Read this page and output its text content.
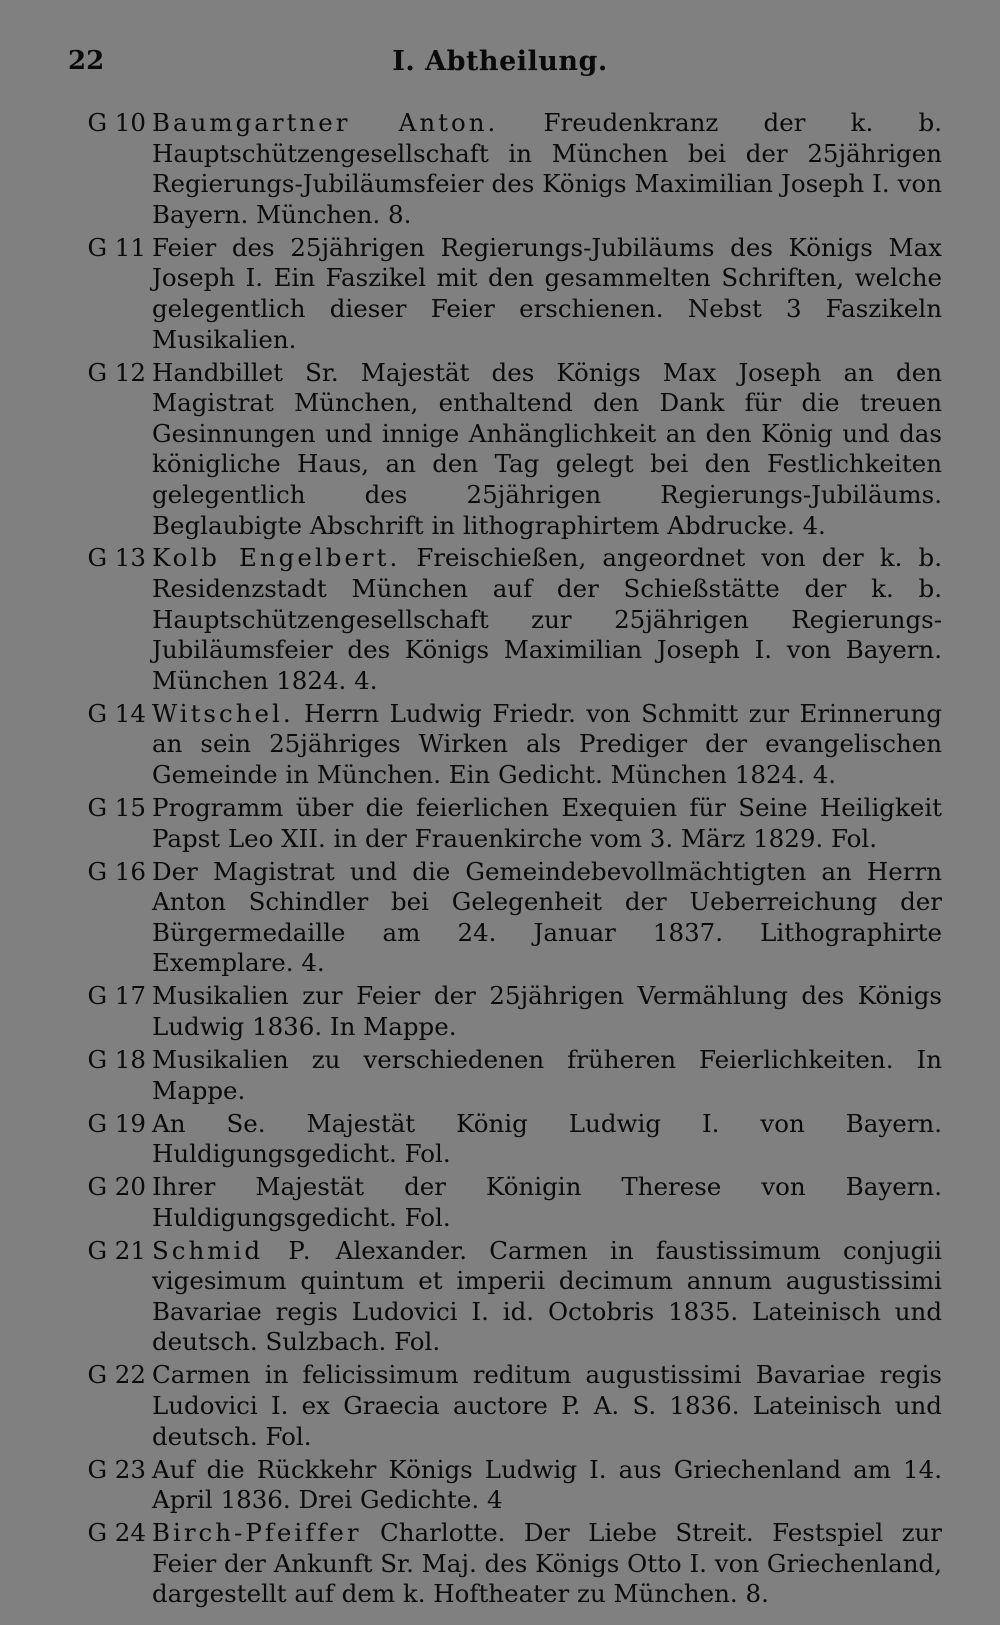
22	I. Abtheilung.
G 10 Baumgartner Anton. Freudenkranz der k. b. Hauptschützengesellschaft in München bei der 25jährigen Regierungs-Jubiläumsfeier des Königs Maximilian Joseph I. von Bayern. München. 8.
G 11 Feier des 25jährigen Regierungs-Jubiläums des Königs Max Joseph I. Ein Faszikel mit den gesammelten Schriften, welche gelegentlich dieser Feier erschienen. Nebst 3 Faszikeln Musikalien.
G 12 Handbillet Sr. Majestät des Königs Max Joseph an den Magistrat München, enthaltend den Dank für die treuen Gesinnungen und innige Anhänglichkeit an den König und das königliche Haus, an den Tag gelegt bei den Festlichkeiten gelegentlich des 25jährigen Regierungs-Jubiläums. Beglaubigte Abschrift in lithographirtem Abdrucke. 4.
G 13 Kolb Engelbert. Freischießen, angeordnet von der k. b. Residenzstadt München auf der Schießstätte der k. b. Hauptschützengesellschaft zur 25jährigen Regierungs-Jubiläumsfeier des Königs Maximilian Joseph I. von Bayern. München 1824. 4.
G 14 Witschel. Herrn Ludwig Friedr. von Schmitt zur Erinnerung an sein 25jähriges Wirken als Prediger der evangelischen Gemeinde in München. Ein Gedicht. München 1824. 4.
G 15 Programm über die feierlichen Exequien für Seine Heiligkeit Papst Leo XII. in der Frauenkirche vom 3. März 1829. Fol.
G 16 Der Magistrat und die Gemeindebevollmächtigten an Herrn Anton Schindler bei Gelegenheit der Ueberreichung der Bürgermedaille am 24. Januar 1837. Lithographirte Exemplare. 4.
G 17 Musikalien zur Feier der 25jährigen Vermählung des Königs Ludwig 1836. In Mappe.
G 18 Musikalien zu verschiedenen früheren Feierlichkeiten. In Mappe.
G 19 An Se. Majestät König Ludwig I. von Bayern. Huldigungsgedicht. Fol.
G 20 Ihrer Majestät der Königin Therese von Bayern. Huldigungsgedicht. Fol.
G 21 Schmid P. Alexander. Carmen in faustissimum conjugii vigesimum quintum et imperii decimum annum augustissimi Bavariae regis Ludovici I. id. Octobris 1835. Lateinisch und deutsch. Sulzbach. Fol.
G 22 Carmen in felicissimum reditum augustissimi Bavariae regis Ludovici I. ex Graecia auctore P. A. S. 1836. Lateinisch und deutsch. Fol.
G 23 Auf die Rückkehr Königs Ludwig I. aus Griechenland am 14. April 1836. Drei Gedichte. 4
G 24 Birch-Pfeiffer Charlotte. Der Liebe Streit. Festspiel zur Feier der Ankunft Sr. Maj. des Königs Otto I. von Griechenland, dargestellt auf dem k. Hoftheater zu München. 8.
